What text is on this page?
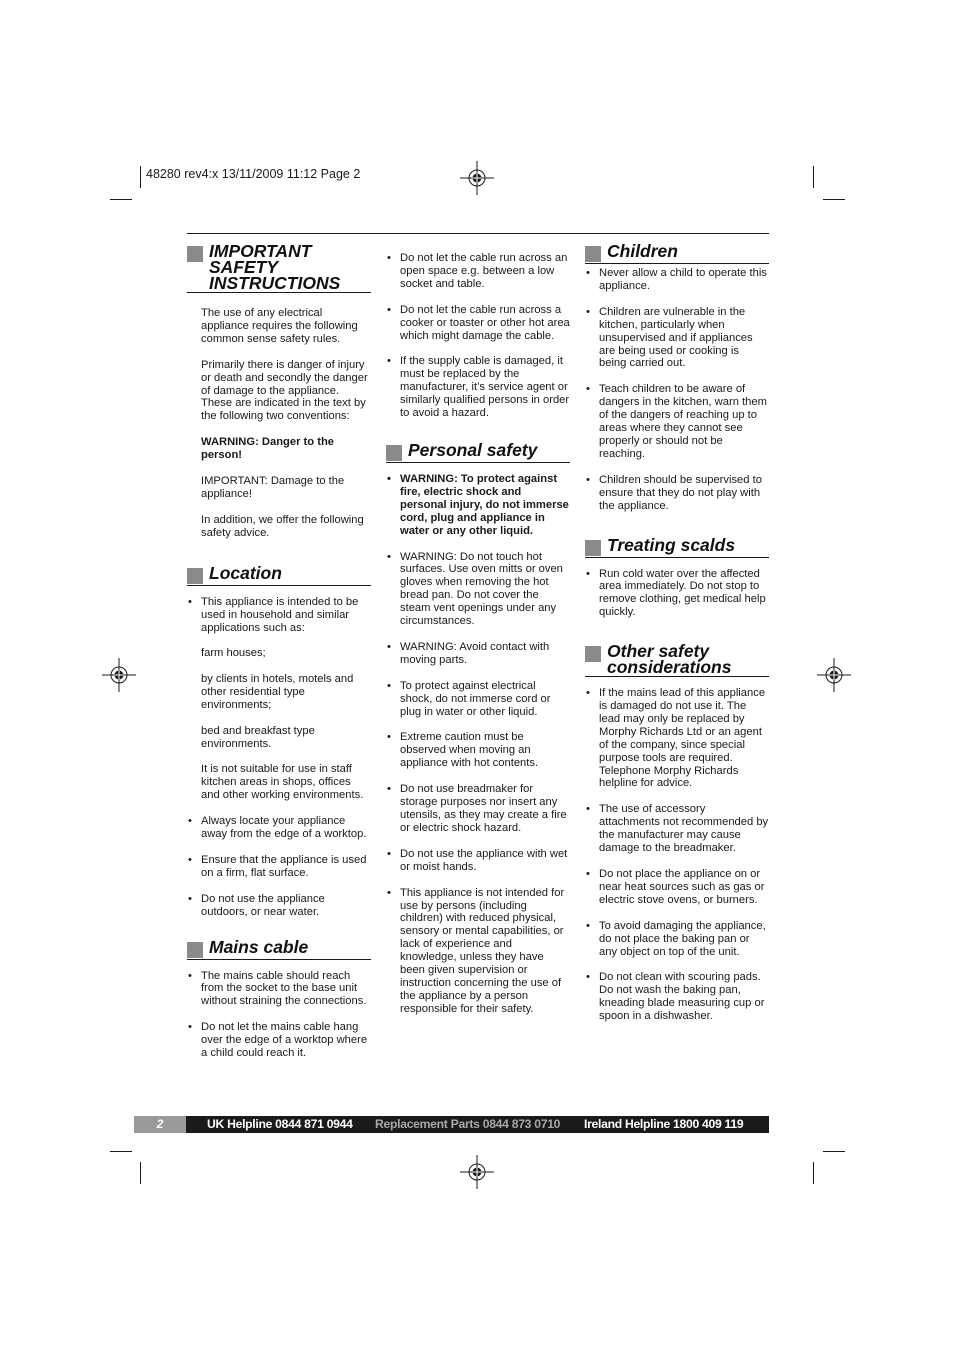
48280 rev4:x 13/11/2009 11:12 Page 2
IMPORTANT
SAFETY
INSTRUCTIONS

The use of any electrical appliance requires the following common sense safety rules.

Primarily there is danger of injury or death and secondly the danger of damage to the appliance. These are indicated in the text by the following two conventions:

WARNING: Danger to the person!

IMPORTANT: Damage to the appliance!

In addition, we offer the following safety advice.

Location
• This appliance is intended to be used in household and similar applications such as:
farm houses;
by clients in hotels, motels and other residential type environments;
bed and breakfast type environments.
It is not suitable for use in staff kitchen areas in shops, offices and other working environments.
• Always locate your appliance away from the edge of a worktop.
• Ensure that the appliance is used on a firm, flat surface.
• Do not use the appliance outdoors, or near water.
Mains cable
• The mains cable should reach from the socket to the base unit without straining the connections.
• Do not let the mains cable hang over the edge of a worktop where a child could reach it.
• Do not let the cable run across an open space e.g. between a low socket and table.
• Do not let the cable run across a cooker or toaster or other hot area which might damage the cable.
• If the supply cable is damaged, it must be replaced by the manufacturer, it’s service agent or similarly qualified persons in order to avoid a hazard.
Personal safety
• WARNING: To protect against fire, electric shock and personal injury, do not immerse cord, plug and appliance in water or any other liquid.
• WARNING: Do not touch hot surfaces. Use oven mitts or oven gloves when removing the hot bread pan. Do not cover the steam vent openings under any circumstances.
• WARNING: Avoid contact with moving parts.
• To protect against electrical shock, do not immerse cord or plug in water or other liquid.
• Extreme caution must be observed when moving an appliance with hot contents.
• Do not use breadmaker for storage purposes nor insert any utensils, as they may create a fire or electric shock hazard.
• Do not use the appliance with wet or moist hands.
• This appliance is not intended for use by persons (including children) with reduced physical, sensory or mental capabilities, or lack of experience and knowledge, unless they have been given supervision or instruction concerning the use of the appliance by a person responsible for their safety.
Children
• Never allow a child to operate this appliance.
• Children are vulnerable in the kitchen, particularly when unsupervised and if appliances are being used or cooking is being carried out.
• Teach children to be aware of dangers in the kitchen, warn them of the dangers of reaching up to areas where they cannot see properly or should not be reaching.
• Children should be supervised to ensure that they do not play with the appliance.
Treating scalds
• Run cold water over the affected area immediately. Do not stop to remove clothing, get medical help quickly.
Other safety
considerations
• If the mains lead of this appliance is damaged do not use it. The lead may only be replaced by Morphy Richards Ltd or an agent of the company, since special purpose tools are required. Telephone Morphy Richards helpline for advice.
• The use of accessory attachments not recommended by the manufacturer may cause damage to the breadmaker.
• Do not place the appliance on or near heat sources such as gas or electric stove ovens, or burners.
• To avoid damaging the appliance, do not place the baking pan or any object on top of the unit.
• Do not clean with scouring pads. Do not wash the baking pan, kneading blade measuring cup or spoon in a dishwasher.
2	UK Helpline 0844 871 0944 Replacement Parts 0844 873 0710 Ireland Helpline 1800 409 119
